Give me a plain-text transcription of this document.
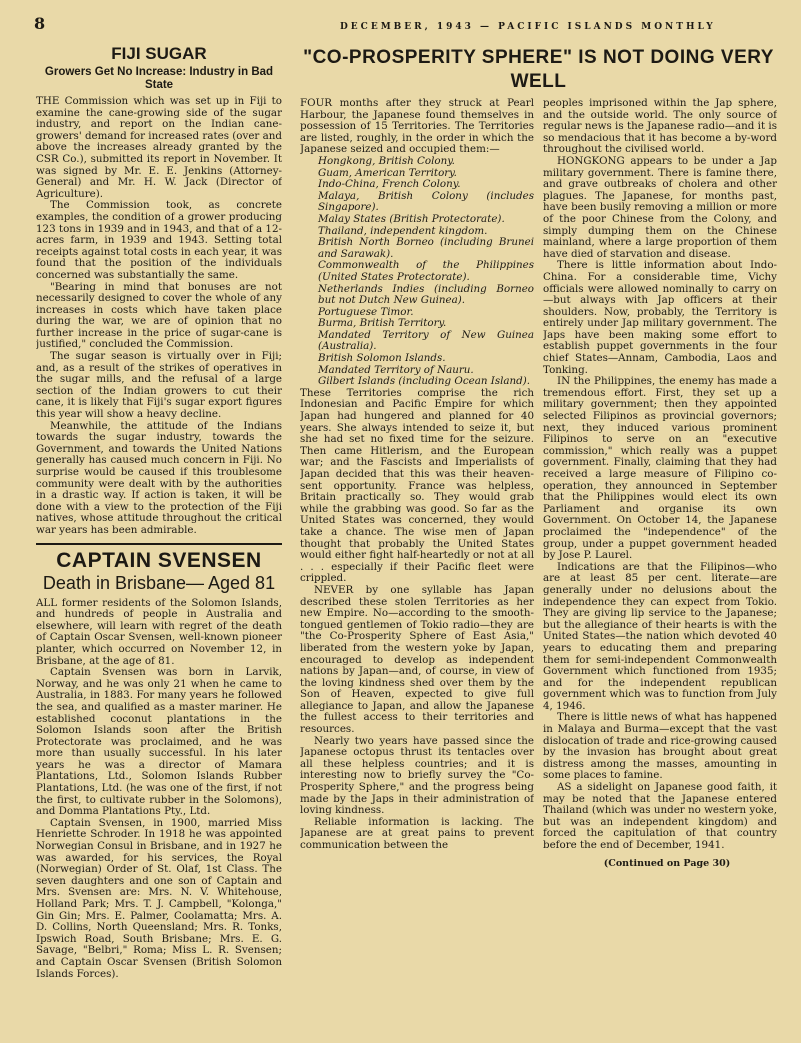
8	DECEMBER, 1943 — PACIFIC ISLANDS MONTHLY
FIJI SUGAR
Growers Get No Increase: Industry in Bad State

THE Commission which was set up in Fiji to examine the cane-growing side of the sugar industry, and report on the Indian cane-growers' demand for increased rates (over and above the increases already granted by the CSR Co.), submitted its report in November. It was signed by Mr. E. E. Jenkins (Attorney-General) and Mr. H. W. Jack (Director of Agriculture).

The Commission took, as concrete examples, the condition of a grower producing 123 tons in 1939 and in 1943, and that of a 12-acres farm, in 1939 and 1943. Setting total receipts against total costs in each year, it was found that the position of the individuals concerned was substantially the same.

"Bearing in mind that bonuses are not necessarily designed to cover the whole of any increases in costs which have taken place during the war, we are of opinion that no further increase in the price of sugar-cane is justified," concluded the Commission.

The sugar season is virtually over in Fiji; and, as a result of the strikes of operatives in the sugar mills, and the refusal of a large section of the Indian growers to cut their cane, it is likely that Fiji's sugar export figures this year will show a heavy decline.

Meanwhile, the attitude of the Indians towards the sugar industry, towards the Government, and towards the United Nations generally has caused much concern in Fiji. No surprise would be caused if this troublesome community were dealt with by the authorities in a drastic way. If action is taken, it will be done with a view to the protection of the Fiji natives, whose attitude throughout the critical war years has been admirable.

CAPTAIN SVENSEN
Death in Brisbane— Aged 81

ALL former residents of the Solomon Islands, and hundreds of people in Australia and elsewhere, will learn with regret of the death of Captain Oscar Svensen, well-known pioneer planter, which occurred on November 12, in Brisbane, at the age of 81.

Captain Svensen was born in Larvik, Norway, and he was only 21 when he came to Australia, in 1883. For many years he followed the sea, and qualified as a master mariner. He established coconut plantations in the Solomon Islands soon after the British Protectorate was proclaimed, and he was more than usually successful. In his later years he was a director of Mamara Plantations, Ltd., Solomon Islands Rubber Plantations, Ltd. (he was one of the first, if not the first, to cultivate rubber in the Solomons), and Domma Plantations Pty., Ltd.

Captain Svensen, in 1900, married Miss Henriette Schroder. In 1918 he was appointed Norwegian Consul in Brisbane, and in 1927 he was awarded, for his services, the Royal (Norwegian) Order of St. Olaf, 1st Class. The seven daughters and one son of Captain and Mrs. Svensen are: Mrs. N. V. Whitehouse, Holland Park; Mrs. T. J. Campbell, "Kolonga," Gin Gin; Mrs. E. Palmer, Coolamatta; Mrs. A. D. Collins, North Queensland; Mrs. R. Tonks, Ipswich Road, South Brisbane; Mrs. E. G. Savage, "Belbri," Roma; Miss L. R. Svensen; and Captain Oscar Svensen (British Solomon Islands Forces).

"CO-PROSPERITY SPHERE" IS NOT DOING VERY WELL

FOUR months after they struck at Pearl Harbour, the Japanese found themselves in possession of 15 Territories. The Territories are listed, roughly, in the order in which the Japanese seized and occupied them:—

Hongkong, British Colony.

Guam, American Territory.

Indo-China, French Colony.

Malaya, British Colony (includes Singapore).

Malay States (British Protectorate).

Thailand, independent kingdom.

British North Borneo (including Brunei and Sarawak).

Commonwealth of the Philippines (United States Protectorate).

Netherlands Indies (including Borneo but not Dutch New Guinea).

Portuguese Timor.

Burma, British Territory.

Mandated Territory of New Guinea (Australia).

British Solomon Islands.

Mandated Territory of Nauru.

Gilbert Islands (including Ocean Island).

These Territories comprise the rich Indonesian and Pacific Empire for which Japan had hungered and planned for 40 years. She always intended to seize it, but she had set no fixed time for the seizure. Then came Hitlerism, and the European war; and the Fascists and Imperialists of Japan decided that this was their heaven-sent opportunity. France was helpless, Britain practically so. They would grab while the grabbing was good. So far as the United States was concerned, they would take a chance. The wise men of Japan thought that probably the United States would either fight half-heartedly or not at all . . . especially if their Pacific fleet were crippled.

NEVER by one syllable has Japan described these stolen Territories as her new Empire. No—according to the smooth-tongued gentlemen of Tokio radio—they are "the Co-Prosperity Sphere of East Asia," liberated from the western yoke by Japan, encouraged to develop as independent nations by Japan—and, of course, in view of the loving kindness shed over them by the Son of Heaven, expected to give full allegiance to Japan, and allow the Japanese the fullest access to their territories and resources.

Nearly two years have passed since the Japanese octopus thrust its tentacles over all these helpless countries; and it is interesting now to briefly survey the "Co-Prosperity Sphere," and the progress being made by the Japs in their administration of loving kindness.

Reliable information is lacking. The Japanese are at great pains to prevent communication between the

peoples imprisoned within the Jap sphere, and the outside world. The only source of regular news is the Japanese radio—and it is so mendacious that it has become a by-word throughout the civilised world.

HONGKONG appears to be under a Jap military government. There is famine there, and grave outbreaks of cholera and other plagues. The Japanese, for months past, have been busily removing a million or more of the poor Chinese from the Colony, and simply dumping them on the Chinese mainland, where a large proportion of them have died of starvation and disease.

There is little information about Indo-China. For a considerable time, Vichy officials were allowed nominally to carry on—but always with Jap officers at their shoulders. Now, probably, the Territory is entirely under Jap military government. The Japs have been making some effort to establish puppet governments in the four chief States—Annam, Cambodia, Laos and Tonking.

IN the Philippines, the enemy has made a tremendous effort. First, they set up a military government; then they appointed selected Filipinos as provincial governors; next, they induced various prominent Filipinos to serve on an "executive commission," which really was a puppet government. Finally, claiming that they had received a large measure of Filipino co-operation, they announced in September that the Philippines would elect its own Parliament and organise its own Government. On October 14, the Japanese proclaimed the "independence" of the group, under a puppet government headed by Jose P. Laurel.

Indications are that the Filipinos—who are at least 85 per cent. literate—are generally under no delusions about the independence they can expect from Tokio. They are giving lip service to the Japanese; but the allegiance of their hearts is with the United States—the nation which devoted 40 years to educating them and preparing them for semi-independent Commonwealth Government which functioned from 1935; and for the independent republican government which was to function from July 4, 1946.

There is little news of what has happened in Malaya and Burma—except that the vast dislocation of trade and rice-growing caused by the invasion has brought about great distress among the masses, amounting in some places to famine.

AS a sidelight on Japanese good faith, it may be noted that the Japanese entered Thailand (which was under no western yoke, but was an independent kingdom) and forced the capitulation of that country before the end of December, 1941.

(Continued on Page 30)
